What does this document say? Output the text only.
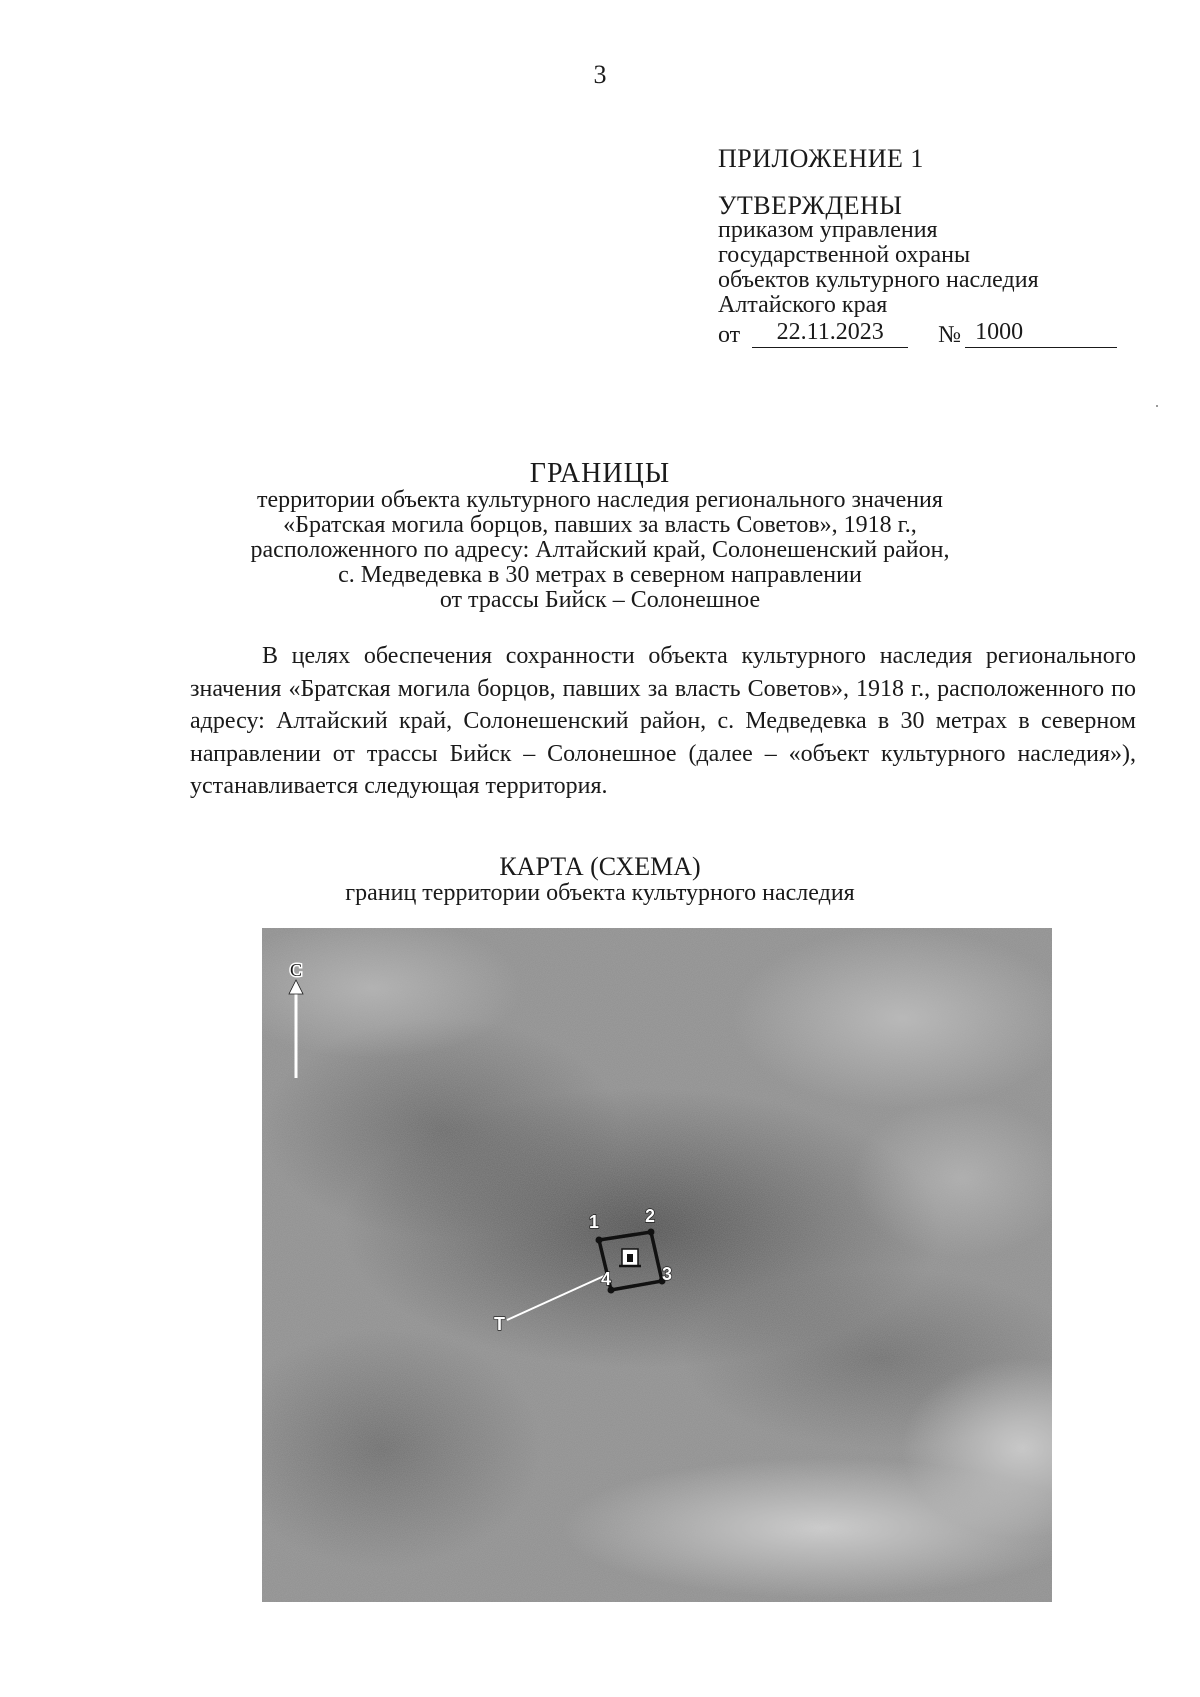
3
ПРИЛОЖЕНИЕ 1
УТВЕРЖДЕНЫ
приказом управления
государственной охраны
объектов культурного наследия
Алтайского края
от	22.11.2023	№ 1000
ГРАНИЦЫ
территории объекта культурного наследия регионального значения
«Братская могила борцов, павших за власть Советов», 1918 г.,
расположенного по адресу: Алтайский край, Солонешенский район,
с. Медведевка в 30 метрах в северном направлении
от трассы Бийск – Солонешное
В целях обеспечения сохранности объекта культурного наследия регионального значения «Братская могила борцов, павших за власть Советов», 1918 г., расположенного по адресу: Алтайский край, Солонешенский район, с. Медведевка в 30 метрах в северном направлении от трассы Бийск – Солонешное (далее – «объект культурного наследия»), устанавливается следующая территория.
КАРТА (СХЕМА)
границ территории объекта культурного наследия
С
1	2
3
4
Т
